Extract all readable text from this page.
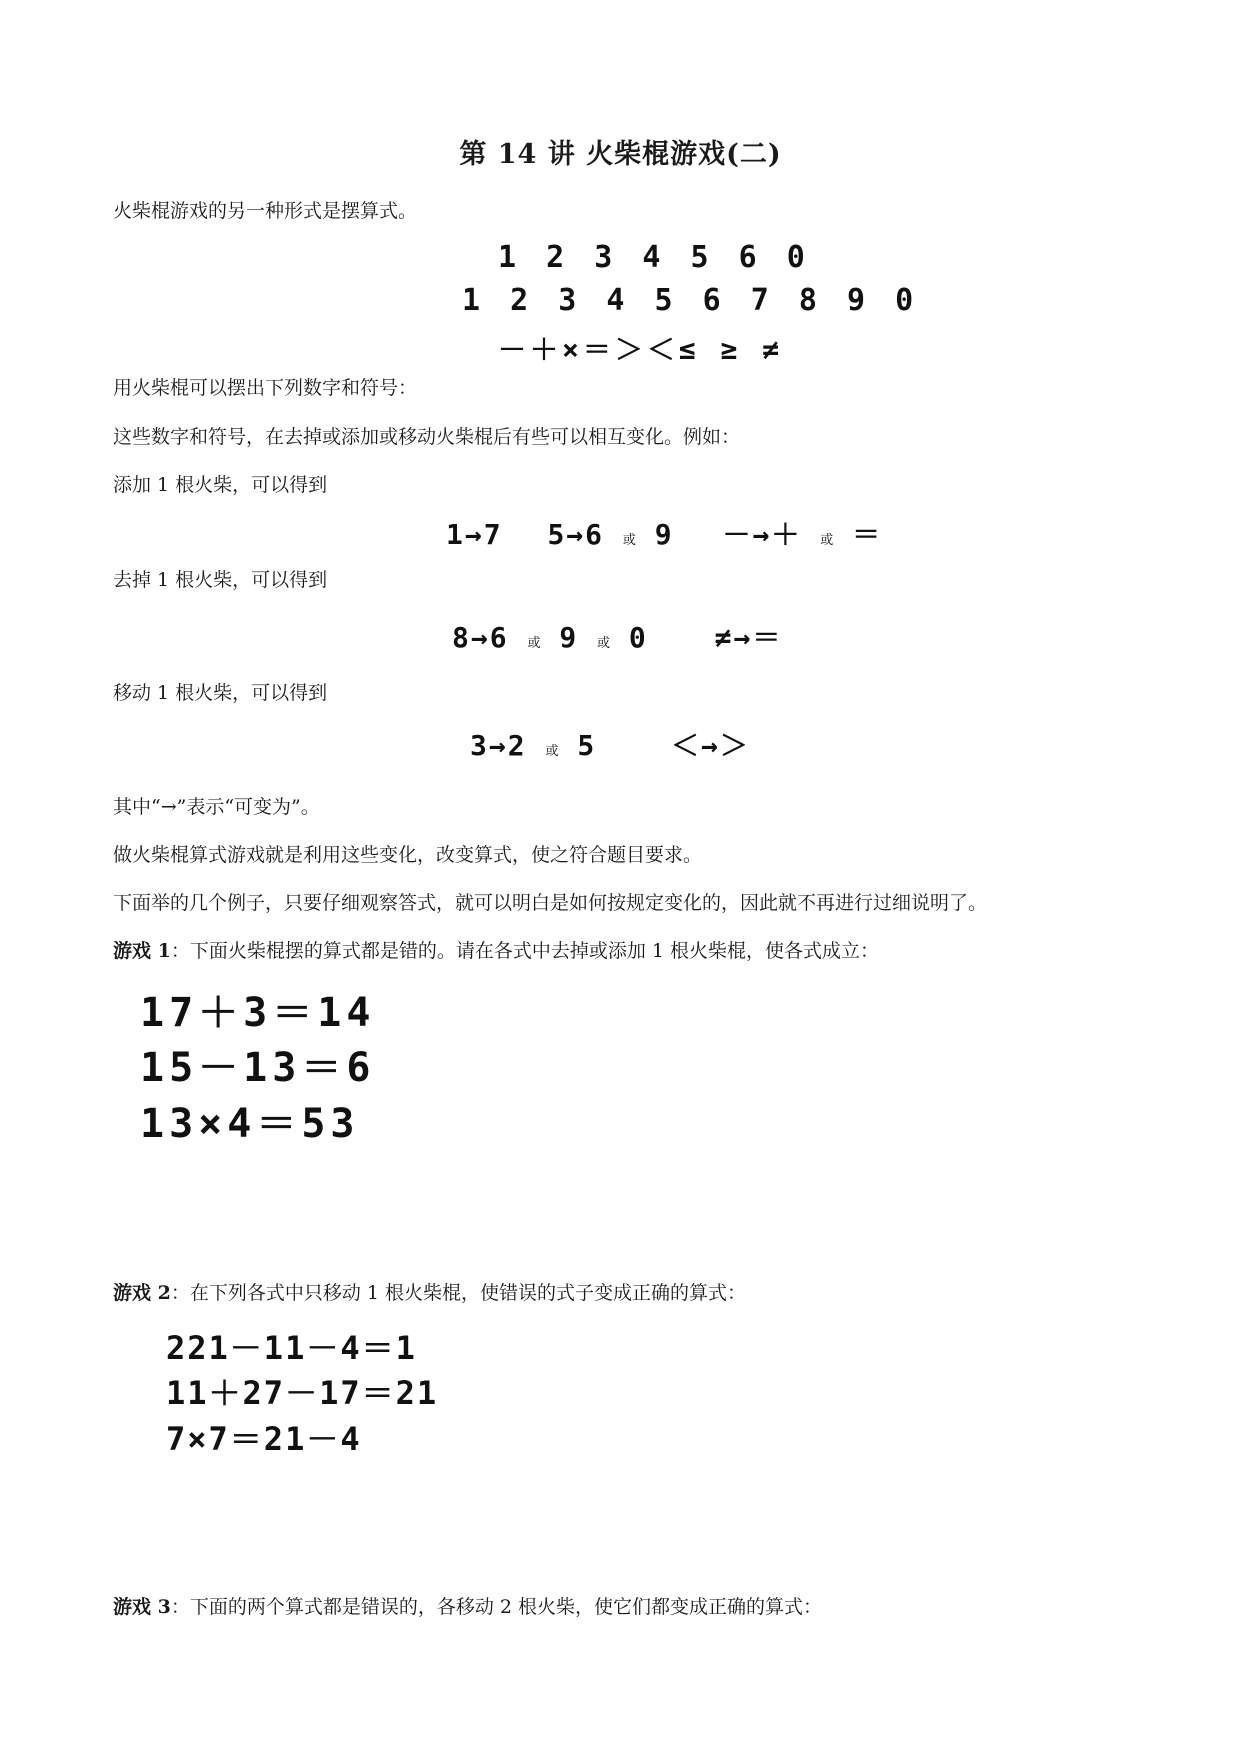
第 14 讲 火柴棍游戏(二)
火柴棍游戏的另一种形式是摆算式。
1 2 3 4 5 6 0
1 2 3 4 5 6 7 8 9 0
－＋×＝＞＜≤ ≥ ≠
用火柴棍可以摆出下列数字和符号：
这些数字和符号，在去掉或添加或移动火柴棍后有些可以相互变化。例如：
添加 1 根火柴，可以得到
1→7 5→6 或 9 －→＋ 或 ＝
去掉 1 根火柴，可以得到
8→6 或 9 或 0 ≠→＝
移动 1 根火柴，可以得到
3→2 或 5	＜→＞
其中“→”表示“可变为”。
做火柴棍算式游戏就是利用这些变化，改变算式，使之符合题目要求。
下面举的几个例子，只要仔细观察答式，就可以明白是如何按规定变化的，因此就不再进行过细说明了。
游戏 1：下面火柴棍摆的算式都是错的。请在各式中去掉或添加 1 根火柴棍，使各式成立：
17＋3＝14
15－13＝6
13×4＝53
游戏 2：在下列各式中只移动 1 根火柴棍，使错误的式子变成正确的算式：
221－11－4＝1
11＋27－17＝21
7×7＝21－4
游戏 3：下面的两个算式都是错误的，各移动 2 根火柴，使它们都变成正确的算式：
